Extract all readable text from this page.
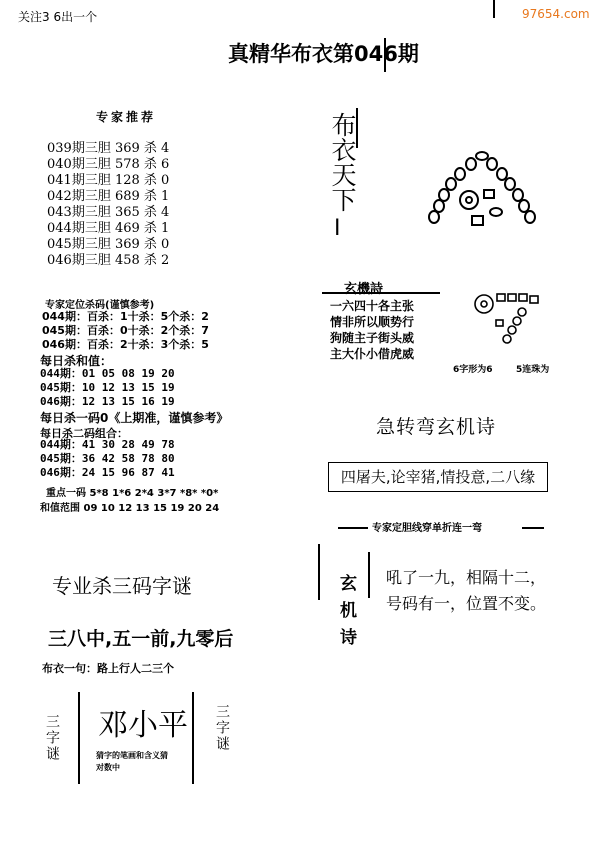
关注3 6出一个	97654.com
真精华布衣第046期
专家推荐
039期三胆 369 杀 4
040期三胆 578 杀 6
041期三胆 128 杀 0
042期三胆 689 杀 1
043期三胆 365 杀 4
044期三胆 469 杀 1
045期三胆 369 杀 0
046期三胆 458 杀 2
专家定位杀码(谨慎参考)
044期：百杀：1十杀：5个杀：2
045期：百杀：0十杀：2个杀：7
046期：百杀：2十杀：3个杀：5
每日杀和值：
044期：01 05 08 19 20
045期：10 12 13 15 19
046期：12 13 15 16 19
每日杀一码0《上期准，谨慎参考》
每日杀二码组合：
044期：41 30 28 49 78
045期：36 42 58 78 80
046期：24 15 96 87 41
重点一码 5*8 1*6 2*4 3*7 *8* *0*
和值范围 09 10 12 13 15 19 20 24
专业杀三码字谜
三八中,五一前,九零后
布衣一句：路上行人二三个
三字谜 邓小平
猜字的笔画和含义猜
对数中
三字谜
布衣天下
I
玄機詩
一六四十各主张
情非所以顺势行
狗随主子街头威
主大仆小借虎威
6字形为6	5连珠为
急转弯玄机诗
四屠夫,论宰猪,情投意,二八缘
专家定胆线穿单折连一弯
玄机诗 吼了一九，相隔十二，
号码有一，位置不变。
